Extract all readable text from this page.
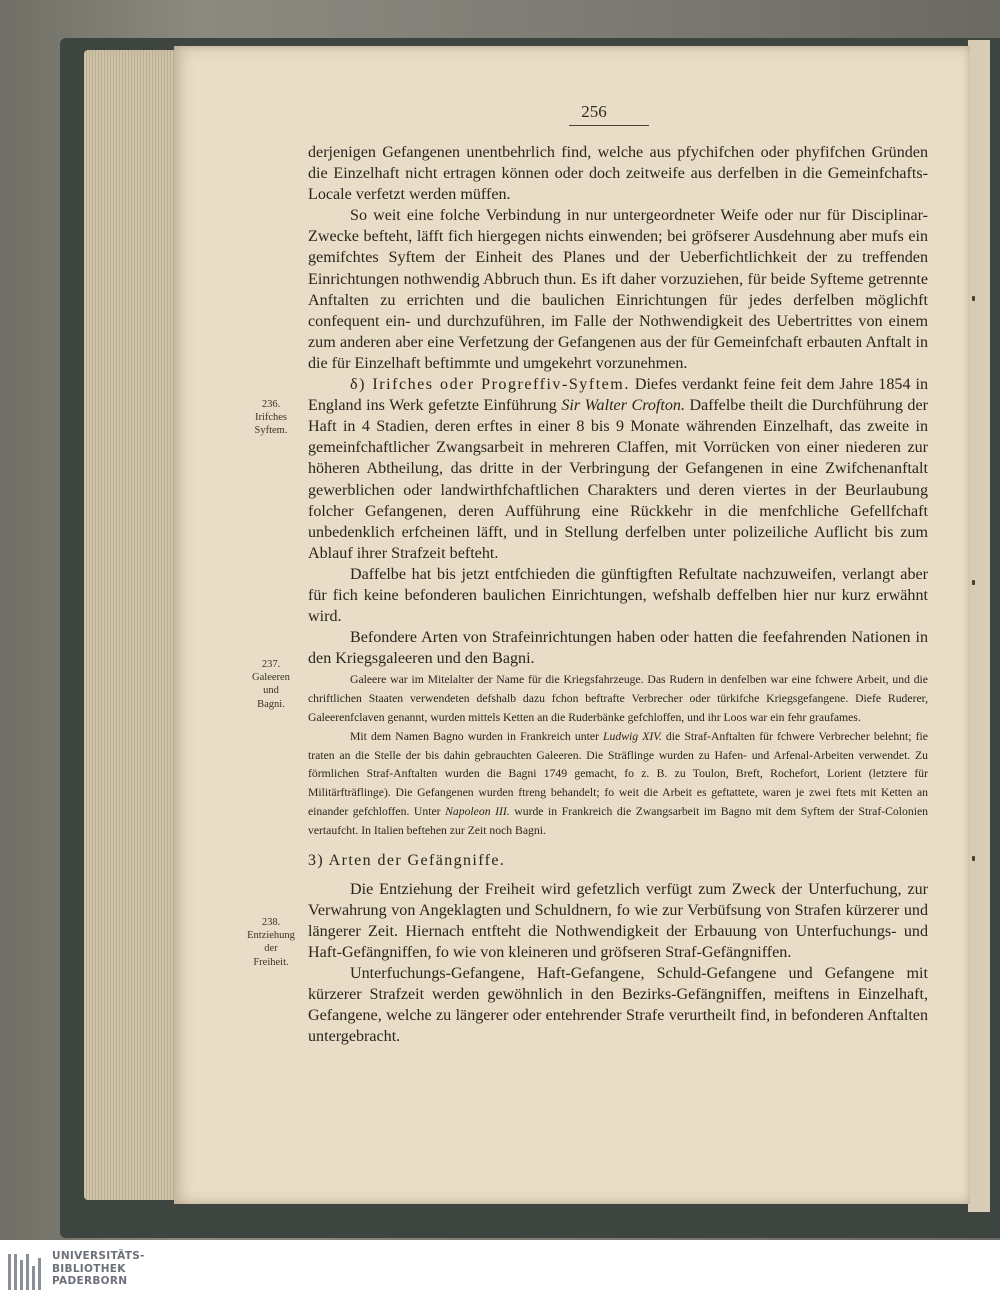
256
236.
Irifches
Syftem.
237.
Galeeren
und
Bagni.
238.
Entziehung
der
Freiheit.

derjenigen Gefangenen unentbehrlich find, welche aus pfychifchen oder phyfifchen Gründen die Einzelhaft nicht ertragen können oder doch zeitweife aus derfelben in die Gemeinfchafts-Locale verfetzt werden müffen.

So weit eine folche Verbindung in nur untergeordneter Weife oder nur für Disciplinar-Zwecke befteht, läfft fich hiergegen nichts einwenden; bei gröfserer Ausdehnung aber mufs ein gemifchtes Syftem der Einheit des Planes und der Ueberfichtlichkeit der zu treffenden Einrichtungen nothwendig Abbruch thun. Es ift daher vorzuziehen, für beide Syfteme getrennte Anftalten zu errichten und die baulichen Einrichtungen für jedes derfelben möglichft confequent ein- und durchzuführen, im Falle der Nothwendigkeit des Uebertrittes von einem zum anderen aber eine Verfetzung der Gefangenen aus der für Gemeinfchaft erbauten Anftalt in die für Einzelhaft beftimmte und umgekehrt vorzunehmen.

δ) Irifches oder Progreffiv-Syftem. Diefes verdankt feine feit dem Jahre 1854 in England ins Werk gefetzte Einführung Sir Walter Crofton. Daffelbe theilt die Durchführung der Haft in 4 Stadien, deren erftes in einer 8 bis 9 Monate währenden Einzelhaft, das zweite in gemeinfchaftlicher Zwangsarbeit in mehreren Claffen, mit Vorrücken von einer niederen zur höheren Abtheilung, das dritte in der Verbringung der Gefangenen in eine Zwifchenanftalt gewerblichen oder landwirthfchaftlichen Charakters und deren viertes in der Beurlaubung folcher Gefangenen, deren Aufführung eine Rückkehr in die menfchliche Gefellfchaft unbedenklich erfcheinen läfft, und in Stellung derfelben unter polizeiliche Auflicht bis zum Ablauf ihrer Strafzeit befteht.

Daffelbe hat bis jetzt entfchieden die günftigften Refultate nachzuweifen, verlangt aber für fich keine befonderen baulichen Einrichtungen, wefshalb deffelben hier nur kurz erwähnt wird.

Befondere Arten von Strafeinrichtungen haben oder hatten die feefahrenden Nationen in den Kriegsgaleeren und den Bagni.

Galeere war im Mitelalter der Name für die Kriegsfahrzeuge. Das Rudern in denfelben war eine fchwere Arbeit, und die chriftlichen Staaten verwendeten defshalb dazu fchon beftrafte Verbrecher oder türkifche Kriegsgefangene. Diefe Ruderer, Galeerenfclaven genannt, wurden mittels Ketten an die Ruderbänke gefchloffen, und ihr Loos war ein fehr graufames.

Mit dem Namen Bagno wurden in Frankreich unter Ludwig XIV. die Straf-Anftalten für fchwere Verbrecher belehnt; fie traten an die Stelle der bis dahin gebrauchten Galeeren. Die Sträflinge wurden zu Hafen- und Arfenal-Arbeiten verwendet. Zu förmlichen Straf-Anftalten wurden die Bagni 1749 gemacht, fo z. B. zu Toulon, Breft, Rochefort, Lorient (letztere für Militärfträflinge). Die Gefangenen wurden ftreng behandelt; fo weit die Arbeit es geftattete, waren je zwei ftets mit Ketten an einander gefchloffen. Unter Napoleon III. wurde in Frankreich die Zwangsarbeit im Bagno mit dem Syftem der Straf-Colonien vertaufcht. In Italien beftehen zur Zeit noch Bagni.

3) Arten der Gefängniffe.

Die Entziehung der Freiheit wird gefetzlich verfügt zum Zweck der Unterfuchung, zur Verwahrung von Angeklagten und Schuldnern, fo wie zur Verbüfsung von Strafen kürzerer und längerer Zeit. Hiernach entfteht die Nothwendigkeit der Erbauung von Unterfuchungs- und Haft-Gefängniffen, fo wie von kleineren und gröfseren Straf-Gefängniffen.

Unterfuchungs-Gefangene, Haft-Gefangene, Schuld-Gefangene und Gefangene mit kürzerer Strafzeit werden gewöhnlich in den Bezirks-Gefängniffen, meiftens in Einzelhaft, Gefangene, welche zu längerer oder entehrender Strafe verurtheilt find, in befonderen Anftalten untergebracht.

UNIVERSITÄTS-
BIBLIOTHEK
PADERBORN
